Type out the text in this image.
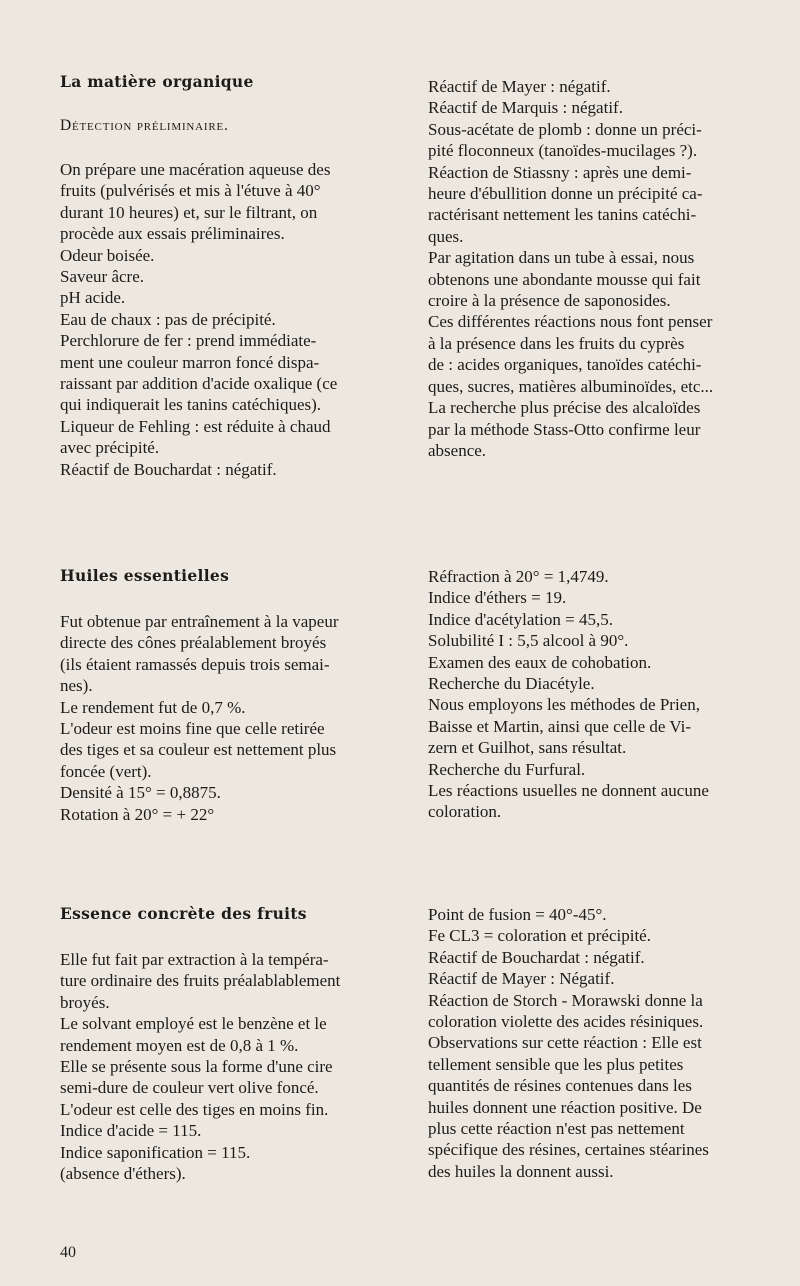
La matière organique
Détection préliminaire.
On prépare une macération aqueuse des
fruits (pulvérisés et mis à l'étuve à 40°
durant 10 heures) et, sur le filtrant, on
procède aux essais préliminaires.
Odeur boisée.
Saveur âcre.
pH acide.
Eau de chaux : pas de précipité.
Perchlorure de fer : prend immédiate-
ment une couleur marron foncé dispa-
raissant par addition d'acide oxalique (ce
qui indiquerait les tanins catéchiques).
Liqueur de Fehling : est réduite à chaud
avec précipité.
Réactif de Bouchardat : négatif.
Réactif de Mayer : négatif.
Réactif de Marquis : négatif.
Sous-acétate de plomb : donne un préci-
pité floconneux (tanoïdes-mucilages ?).
Réaction de Stiassny : après une demi-
heure d'ébullition donne un précipité ca-
ractérisant nettement les tanins catéchi-
ques.
Par agitation dans un tube à essai, nous
obtenons une abondante mousse qui fait
croire à la présence de saponosides.
Ces différentes réactions nous font penser
à la présence dans les fruits du cyprès
de : acides organiques, tanoïdes catéchi-
ques, sucres, matières albuminoïdes, etc...
La recherche plus précise des alcaloïdes
par la méthode Stass-Otto confirme leur
absence.
Huiles essentielles
Fut obtenue par entraînement à la vapeur
directe des cônes préalablement broyés
(ils étaient ramassés depuis trois semai-
nes).
Le rendement fut de 0,7 %.
L'odeur est moins fine que celle retirée
des tiges et sa couleur est nettement plus
foncée (vert).
Densité à 15° = 0,8875.
Rotation à 20° = + 22°
Réfraction à 20° = 1,4749.
Indice d'éthers = 19.
Indice d'acétylation = 45,5.
Solubilité I : 5,5 alcool à 90°.
Examen des eaux de cohobation.
Recherche du Diacétyle.
Nous employons les méthodes de Prien,
Baisse et Martin, ainsi que celle de Vi-
zern et Guilhot, sans résultat.
Recherche du Furfural.
Les réactions usuelles ne donnent aucune
coloration.
Essence concrète des fruits
Elle fut fait par extraction à la tempéra-
ture ordinaire des fruits préalablablement
broyés.
Le solvant employé est le benzène et le
rendement moyen est de 0,8 à 1 %.
Elle se présente sous la forme d'une cire
semi-dure de couleur vert olive foncé.
L'odeur est celle des tiges en moins fin.
Indice d'acide = 115.
Indice saponification = 115.
(absence d'éthers).
Point de fusion = 40°-45°.
Fe CL3 = coloration et précipité.
Réactif de Bouchardat : négatif.
Réactif de Mayer : Négatif.
Réaction de Storch - Morawski donne la
coloration violette des acides résiniques.
Observations sur cette réaction : Elle est
tellement sensible que les plus petites
quantités de résines contenues dans les
huiles donnent une réaction positive. De
plus cette réaction n'est pas nettement
spécifique des résines, certaines stéarines
des huiles la donnent aussi.
40
